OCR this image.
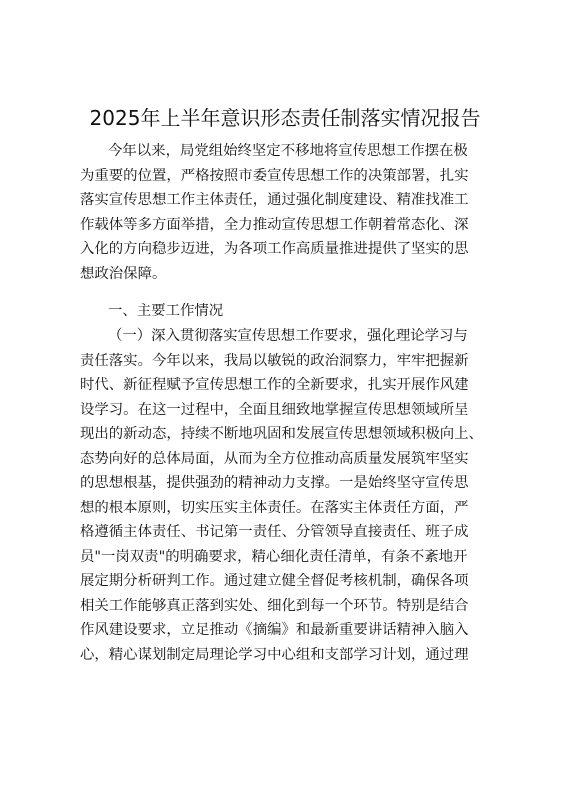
2025年上半年意识形态责任制落实情况报告
今年以来，局党组始终坚定不移地将宣传思想工作摆在极
为重要的位置，严格按照市委宣传思想工作的决策部署，扎实
落实宣传思想工作主体责任，通过强化制度建设、精准找准工
作载体等多方面举措，全力推动宣传思想工作朝着常态化、深
入化的方向稳步迈进，为各项工作高质量推进提供了坚实的思
想政治保障。
一、主要工作情况
（一）深入贯彻落实宣传思想工作要求，强化理论学习与
责任落实。今年以来，我局以敏锐的政治洞察力，牢牢把握新
时代、新征程赋予宣传思想工作的全新要求，扎实开展作风建
设学习。在这一过程中，全面且细致地掌握宣传思想领域所呈
现出的新动态，持续不断地巩固和发展宣传思想领域积极向上、
态势向好的总体局面，从而为全方位推动高质量发展筑牢坚实
的思想根基，提供强劲的精神动力支撑。一是始终坚守宣传思
想的根本原则，切实压实主体责任。在落实主体责任方面，严
格遵循主体责任、书记第一责任、分管领导直接责任、班子成
员"一岗双责"的明确要求，精心细化责任清单，有条不紊地开
展定期分析研判工作。通过建立健全督促考核机制，确保各项
相关工作能够真正落到实处、细化到每一个环节。特别是结合
作风建设要求，立足推动《摘编》和最新重要讲话精神入脑入
心，精心谋划制定局理论学习中心组和支部学习计划，通过理
